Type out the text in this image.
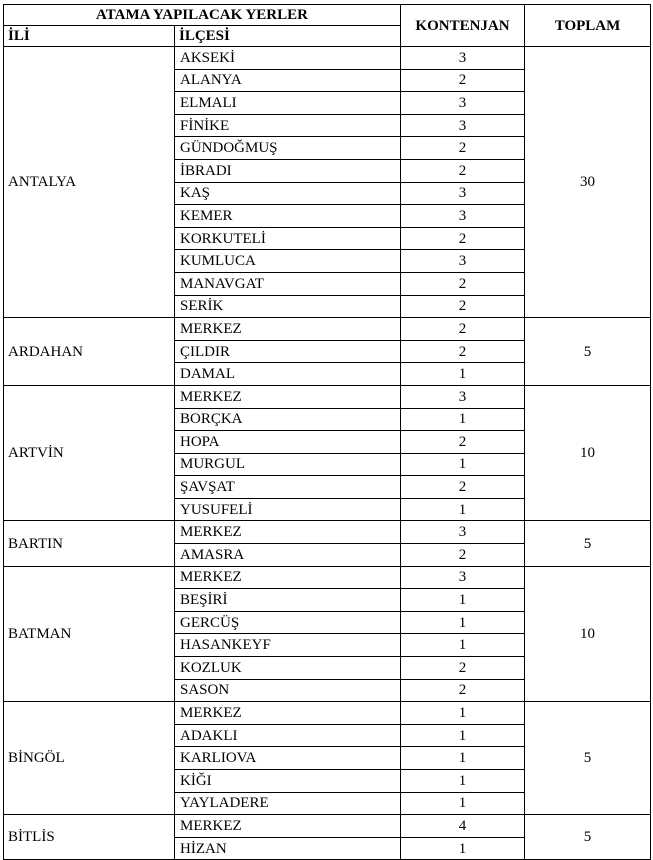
ATAMA YAPILACAK YERLER		KONTENJAN	TOPLAM
İLİ	İLÇESİ		
ANTALYA	AKSEKİ	3	30
	ALANYA	2	
	ELMALI	3	
	FİNİKE	3	
	GÜNDOĞMUŞ	2	
	İBRADI	2	
	KAŞ	3	
	KEMER	3	
	KORKUTELİ	2	
	KUMLUCA	3	
	MANAVGAT	2	
	SERİK	2	
ARDAHAN	MERKEZ	2	5
	ÇILDIR	2	
	DAMAL	1	
ARTVİN	MERKEZ	3	10
	BORÇKA	1	
	HOPA	2	
	MURGUL	1	
	ŞAVŞAT	2	
	YUSUFELİ	1	
BARTIN	MERKEZ	3	5
	AMASRA	2	
BATMAN	MERKEZ	3	10
	BEŞİRİ	1	
	GERCÜŞ	1	
	HASANKEYF	1	
	KOZLUK	2	
	SASON	2	
BİNGÖL	MERKEZ	1	5
	ADAKLI	1	
	KARLIOVA	1	
	KİĞI	1	
	YAYLADERE	1	
BİTLİS	MERKEZ	4	5
	HİZAN	1	
